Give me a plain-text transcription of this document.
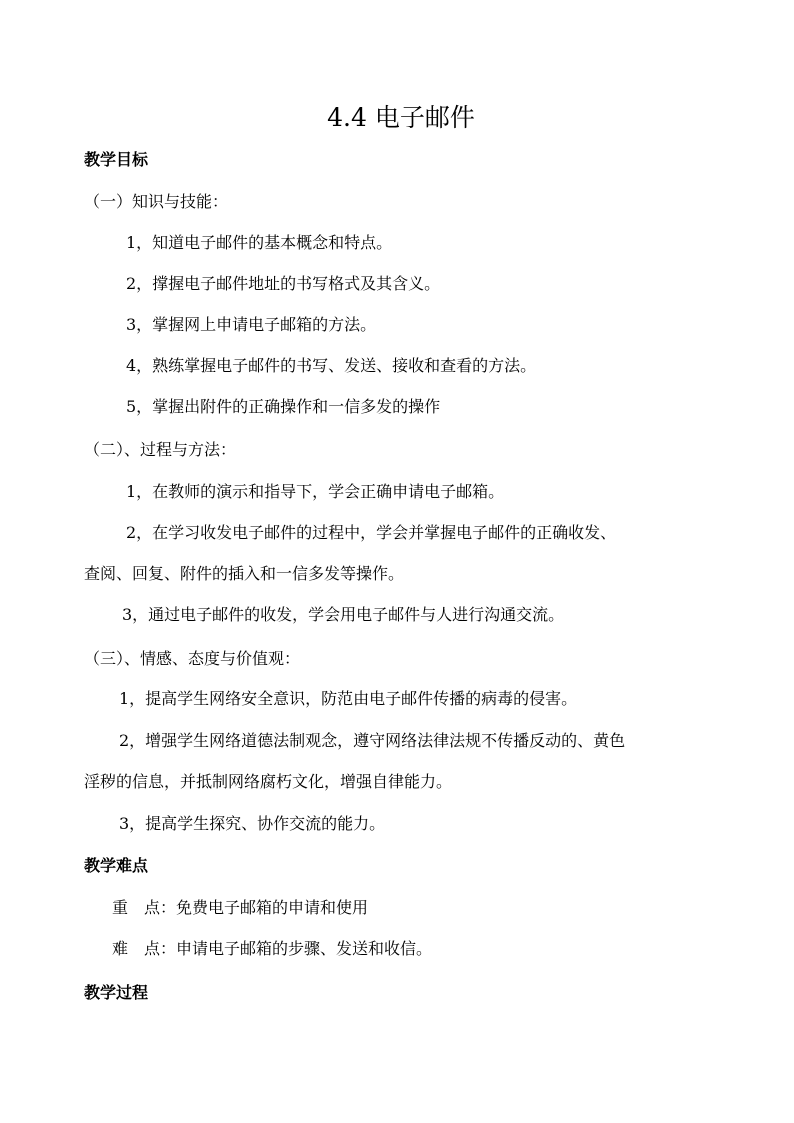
4.4 电子邮件
教学目标
（一）知识与技能：
1，知道电子邮件的基本概念和特点。
2，撑握电子邮件地址的书写格式及其含义。
3，掌握网上申请电子邮箱的方法。
4，熟练掌握电子邮件的书写、发送、接收和查看的方法。
5，掌握出附件的正确操作和一信多发的操作
（二）、过程与方法：
1，在教师的演示和指导下，学会正确申请电子邮箱。
2，在学习收发电子邮件的过程中，学会并掌握电子邮件的正确收发、
查阅、回复、附件的插入和一信多发等操作。
3，通过电子邮件的收发，学会用电子邮件与人进行沟通交流。
（三）、情感、态度与价值观：
1，提高学生网络安全意识，防范由电子邮件传播的病毒的侵害。
2，增强学生网络道德法制观念，遵守网络法律法规不传播反动的、黄色
淫秽的信息，并抵制网络腐朽文化，增强自律能力。
3，提高学生探究、协作交流的能力。
教学难点
重　点：免费电子邮箱的申请和使用
难　点：申请电子邮箱的步骤、发送和收信。
教学过程
